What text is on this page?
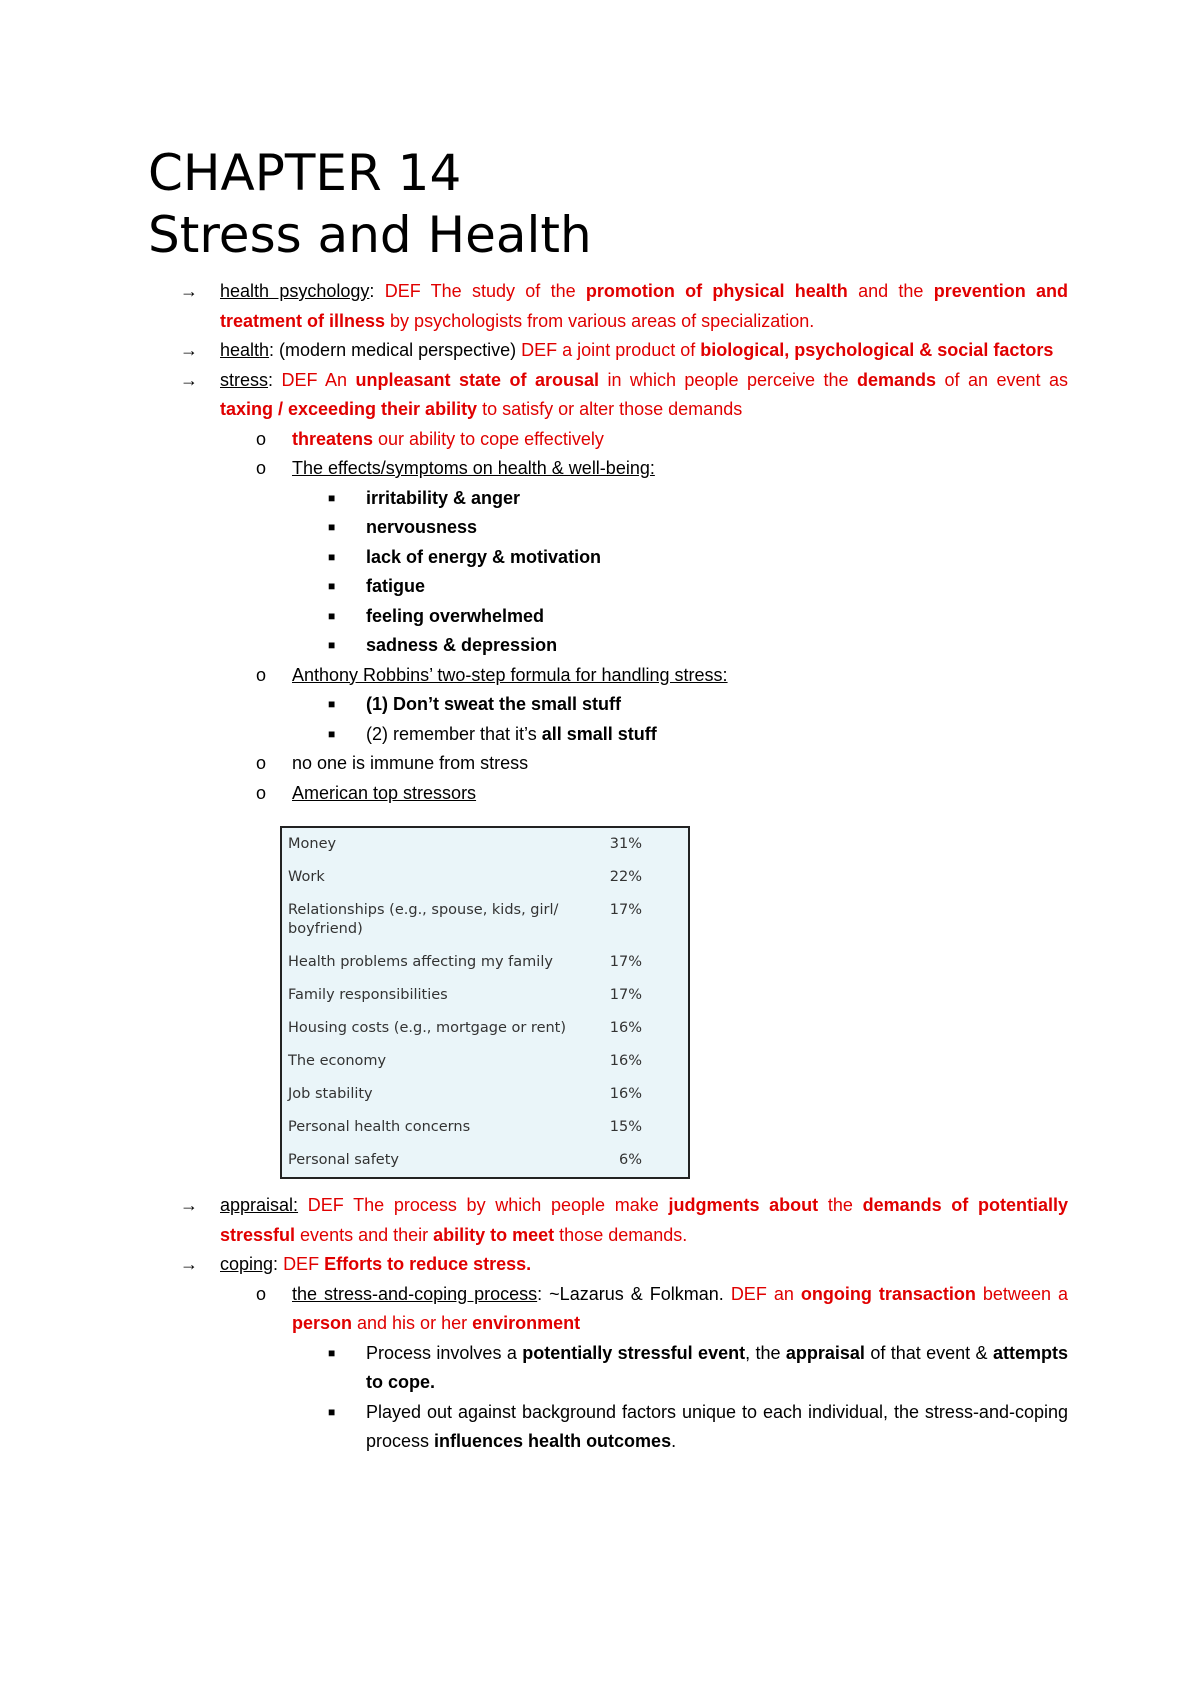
CHAPTER 14
Stress and Health
→ health psychology: DEF The study of the promotion of physical health and the prevention and treatment of illness by psychologists from various areas of specialization.
→ health: (modern medical perspective) DEF a joint product of biological, psychological & social factors
→ stress: DEF An unpleasant state of arousal in which people perceive the demands of an event as taxing / exceeding their ability to satisfy or alter those demands
o threatens our ability to cope effectively
o The effects/symptoms on health & well-being:
■ irritability & anger
■ nervousness
■ lack of energy & motivation
■ fatigue
■ feeling overwhelmed
■ sadness & depression
o Anthony Robbins’ two-step formula for handling stress:
■ (1) Don’t sweat the small stuff
■ (2) remember that it’s all small stuff
o no one is immune from stress
o American top stressors
Money	31%
Work	22%
Relationships (e.g., spouse, kids, girl/ boyfriend)	17%
Health problems affecting my family	17%
Family responsibilities	17%
Housing costs (e.g., mortgage or rent)	16%
The economy	16%
Job stability	16%
Personal health concerns	15%
Personal safety	6%
→ appraisal: DEF The process by which people make judgments about the demands of potentially stressful events and their ability to meet those demands.
→ coping: DEF Efforts to reduce stress.
o the stress-and-coping process: ~Lazarus & Folkman. DEF an ongoing transaction between a person and his or her environment
■ Process involves a potentially stressful event, the appraisal of that event & attempts to cope.
■ Played out against background factors unique to each individual, the stress-and-coping process influences health outcomes.
